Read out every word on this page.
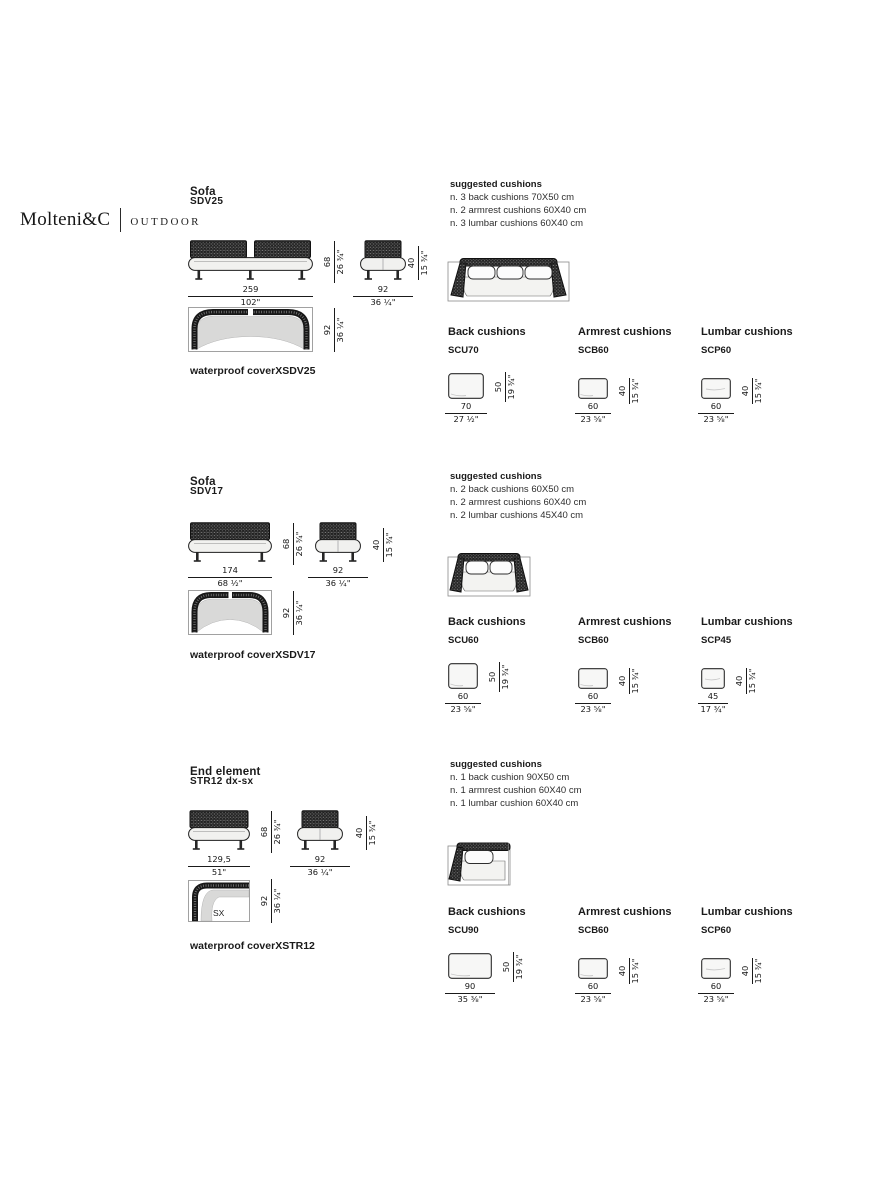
Molteni&C OUTDOOR
Sofa
SDV25
259
102"
68 26 ¾"
92
36 ¼"
40 15 ¾"
92 36 ¼"
waterproof cover XSDV25
suggested cushions
n. 3 back cushions 70X50 cm
n. 2 armrest cushions 60X40 cm
n. 3 lumbar cushions 60X40 cm
Back cushions
SCU70
50 19 ¾"
70
27 ½"
Armrest cushions
SCB60
40 15 ¾"
60
23 ⅝"
Lumbar cushions
SCP60
40 15 ¾"
60
23 ⅝"
Sofa
SDV17
174
68 ½"
68 26 ¾"
92
36 ¼"
40 15 ¾"
92 36 ¼"
waterproof cover XSDV17
suggested cushions
n. 2 back cushions 60X50 cm
n. 2 armrest cushions 60X40 cm
n. 2 lumbar cushions 45X40 cm
Back cushions
SCU60
50 19 ¾"
60
23 ⅝"
Armrest cushions
SCB60
40 15 ¾"
60
23 ⅝"
Lumbar cushions
SCP45
40 15 ¾"
45
17 ¾"
End element
STR12 dx-sx
129,5
51"
68 26 ¾"
92
36 ¼"
40 15 ¾"
SX
92 36 ¼"
waterproof cover XSTR12
suggested cushions
n. 1 back cushion 90X50 cm
n. 1 armrest cushion 60X40 cm
n. 1 lumbar cushion 60X40 cm
Back cushions
SCU90
50 19 ¾"
90
35 ⅜"
Armrest cushions
SCB60
40 15 ¾"
60
23 ⅝"
Lumbar cushions
SCP60
40 15 ¾"
60
23 ⅝"
